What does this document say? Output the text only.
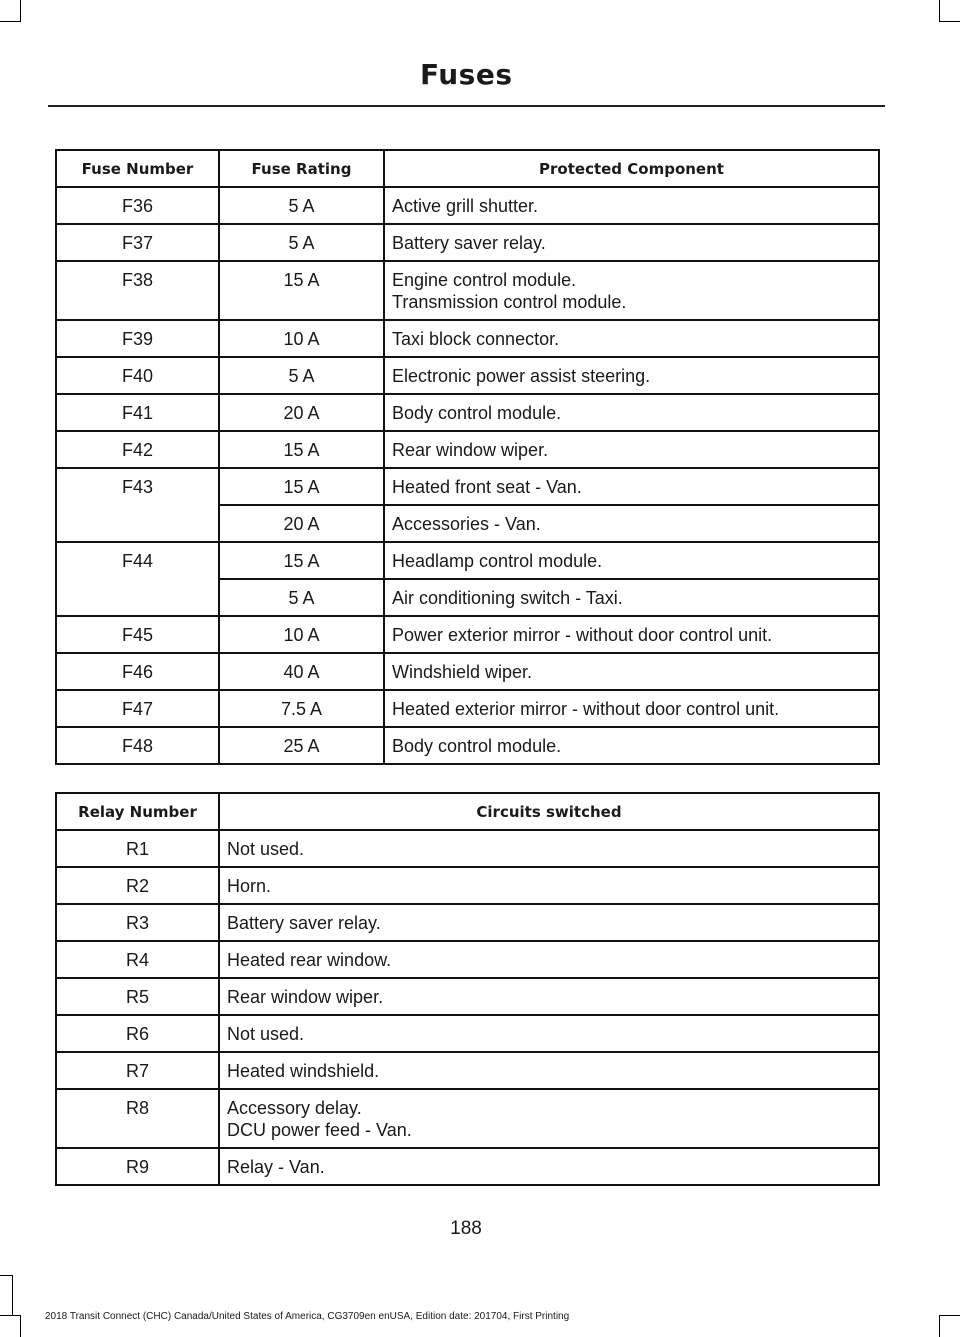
Fuses
Fuse Number	Fuse Rating	Protected Component
F36	5 A	Active grill shutter.

F37	5 A	Battery saver relay.

F38	15 A	Engine control module.
Transmission control module.

F39	10 A	Taxi block connector.

F40	5 A	Electronic power assist steering.

F41	20 A	Body control module.

F42	15 A	Rear window wiper.

F43	15 A	Heated front seat - Van.

	20 A	Accessories - Van.

F44	15 A	Headlamp control module.

	5 A	Air conditioning switch - Taxi.

F45	10 A	Power exterior mirror - without door control unit.

F46	40 A	Windshield wiper.

F47	7.5 A	Heated exterior mirror - without door control unit.

F48	25 A	Body control module.
Relay Number	Circuits switched
R1	Not used.

R2	Horn.

R3	Battery saver relay.

R4	Heated rear window.

R5	Rear window wiper.

R6	Not used.

R7	Heated windshield.

R8	Accessory delay.
DCU power feed - Van.

R9	Relay - Van.
188
2018 Transit Connect (CHC) Canada/United States of America, CG3709en enUSA, Edition date: 201704, First Printing
